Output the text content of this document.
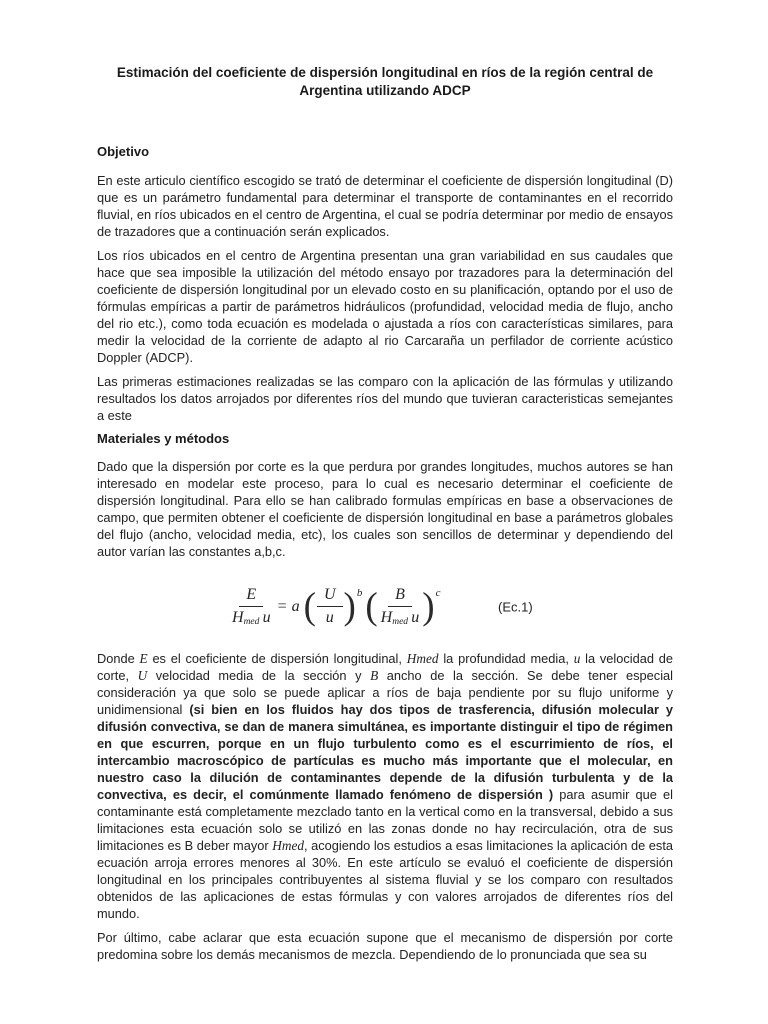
Estimación del coeficiente de dispersión longitudinal en ríos de la región central de Argentina utilizando ADCP
Objetivo

En este articulo científico escogido se trató de determinar el coeficiente de dispersión longitudinal (D) que es un parámetro fundamental para determinar el transporte de contaminantes en el recorrido fluvial, en ríos ubicados en el centro de Argentina, el cual se podría determinar por medio de ensayos de trazadores que a continuación serán explicados.

Los ríos ubicados en el centro de Argentina presentan una gran variabilidad en sus caudales que hace que sea imposible la utilización del método ensayo por trazadores para la determinación del coeficiente de dispersión longitudinal por un elevado costo en su planificación, optando por el uso de fórmulas empíricas a partir de parámetros hidráulicos (profundidad, velocidad media de flujo, ancho del rio etc.), como toda ecuación es modelada o ajustada a ríos con características similares, para medir la velocidad de la corriente de adapto al rio Carcaraña un perfilador de corriente acústico Doppler (ADCP).

Las primeras estimaciones realizadas se las comparo con la aplicación de las fórmulas y utilizando resultados los datos arrojados por diferentes ríos del mundo que tuvieran caracteristicas semejantes a este

Materiales y métodos

Dado que la dispersión por corte es la que perdura por grandes longitudes, muchos autores se han interesado en modelar este proceso, para lo cual es necesario determinar el coeficiente de dispersión longitudinal. Para ello se han calibrado formulas empíricas en base a observaciones de campo, que permiten obtener el coeficiente de dispersión longitudinal en base a parámetros globales del flujo (ancho, velocidad media, etc), los cuales son sencillos de determinar y dependiendo del autor varían las constantes a,b,c.

$\frac{E}{H_{med} u} = a$ ( $\frac{U}{u}$ ) b ( $\frac{B}{H_{med} u}$ ) c
(Ec.1)

Donde E es el coeficiente de dispersión longitudinal, Hmed la profundidad media, u la velocidad de corte, U velocidad media de la sección y B ancho de la sección. Se debe tener especial consideración ya que solo se puede aplicar a ríos de baja pendiente por su flujo uniforme y unidimensional (si bien en los fluidos hay dos tipos de trasferencia, difusión molecular y difusión convectiva, se dan de manera simultánea, es importante distinguir el tipo de régimen en que escurren, porque en un flujo turbulento como es el escurrimiento de ríos, el intercambio macroscópico de partículas es mucho más importante que el molecular, en nuestro caso la dilución de contaminantes depende de la difusión turbulenta y de la convectiva, es decir, el comúnmente llamado fenómeno de dispersión ) para asumir que el contaminante está completamente mezclado tanto en la vertical como en la transversal, debido a sus limitaciones esta ecuación solo se utilizó en las zonas donde no hay recirculación, otra de sus limitaciones es B deber mayor Hmed, acogiendo los estudios a esas limitaciones la aplicación de esta ecuación arroja errores menores al 30%. En este artículo se evaluó el coeficiente de dispersión longitudinal en los principales contribuyentes al sistema fluvial y se los comparo con resultados obtenidos de las aplicaciones de estas fórmulas y con valores arrojados de diferentes ríos del mundo.

Por último, cabe aclarar que esta ecuación supone que el mecanismo de dispersión por corte predomina sobre los demás mecanismos de mezcla. Dependiendo de lo pronunciada que sea su
